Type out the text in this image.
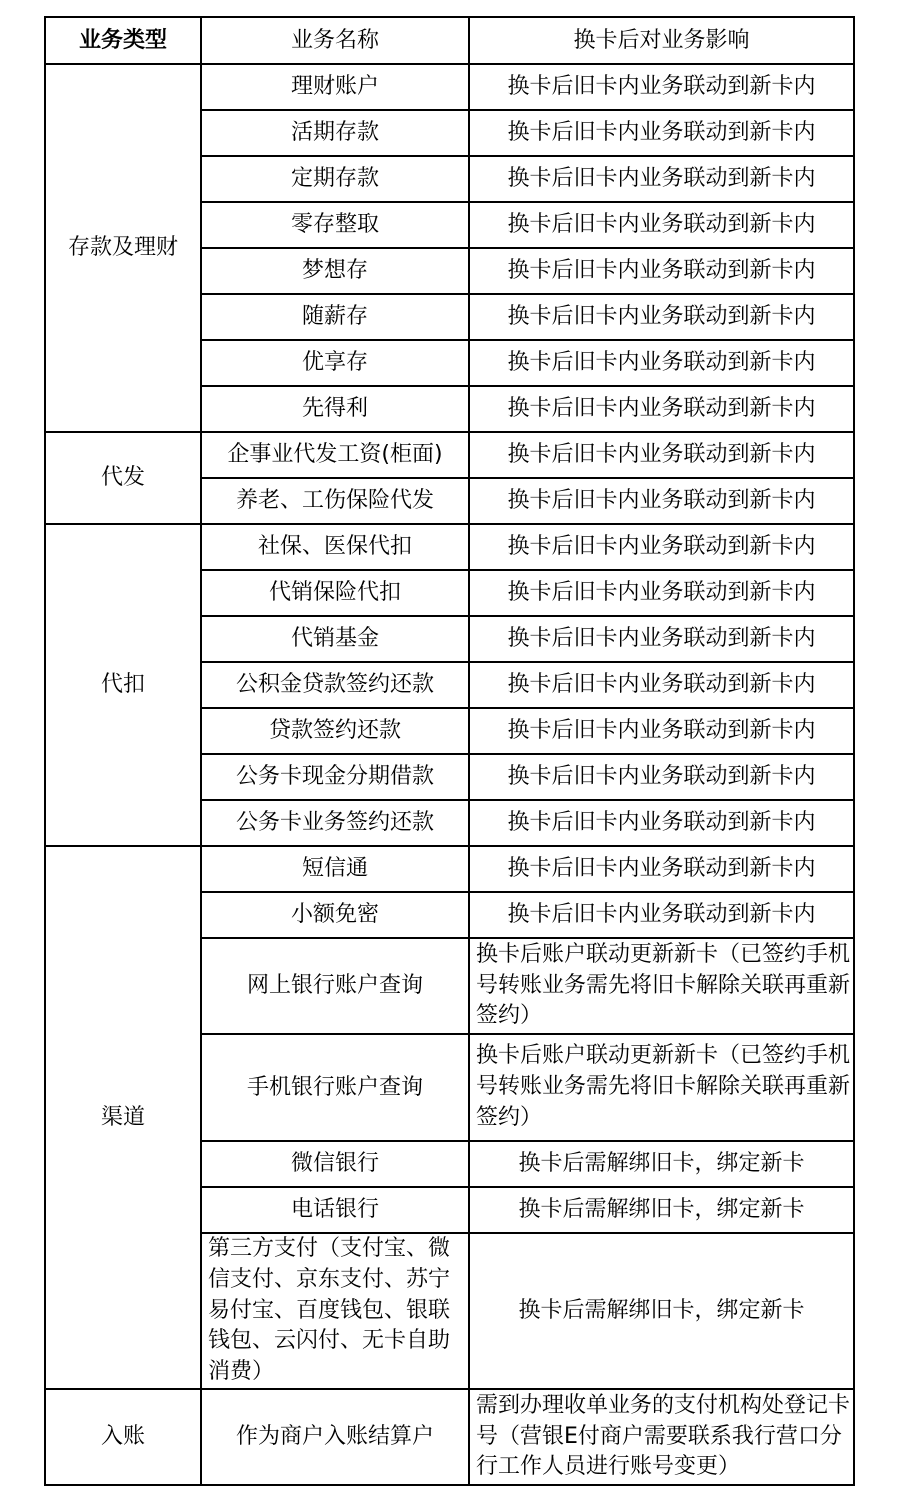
业务类型	业务名称	换卡后对业务影响
存款及理财	理财账户	换卡后旧卡内业务联动到新卡内
	活期存款	换卡后旧卡内业务联动到新卡内
	定期存款	换卡后旧卡内业务联动到新卡内
	零存整取	换卡后旧卡内业务联动到新卡内
	梦想存	换卡后旧卡内业务联动到新卡内
	随薪存	换卡后旧卡内业务联动到新卡内
	优享存	换卡后旧卡内业务联动到新卡内
	先得利	换卡后旧卡内业务联动到新卡内
代发	企事业代发工资(柜面)	换卡后旧卡内业务联动到新卡内
	养老、工伤保险代发	换卡后旧卡内业务联动到新卡内
代扣	社保、医保代扣	换卡后旧卡内业务联动到新卡内
	代销保险代扣	换卡后旧卡内业务联动到新卡内
	代销基金	换卡后旧卡内业务联动到新卡内
	公积金贷款签约还款	换卡后旧卡内业务联动到新卡内
	贷款签约还款	换卡后旧卡内业务联动到新卡内
	公务卡现金分期借款	换卡后旧卡内业务联动到新卡内
	公务卡业务签约还款	换卡后旧卡内业务联动到新卡内
渠道	短信通	换卡后旧卡内业务联动到新卡内
	小额免密	换卡后旧卡内业务联动到新卡内
	网上银行账户查询	换卡后账户联动更新新卡（已签约手机号转账业务需先将旧卡解除关联再重新签约）
	手机银行账户查询	换卡后账户联动更新新卡（已签约手机号转账业务需先将旧卡解除关联再重新签约）
	微信银行	换卡后需解绑旧卡，绑定新卡
	电话银行	换卡后需解绑旧卡，绑定新卡
	第三方支付（支付宝、微信支付、京东支付、苏宁易付宝、百度钱包、银联钱包、云闪付、无卡自助消费）	换卡后需解绑旧卡，绑定新卡
入账	作为商户入账结算户	需到办理收单业务的支付机构处登记卡号（营银E付商户需要联系我行营口分行工作人员进行账号变更）
